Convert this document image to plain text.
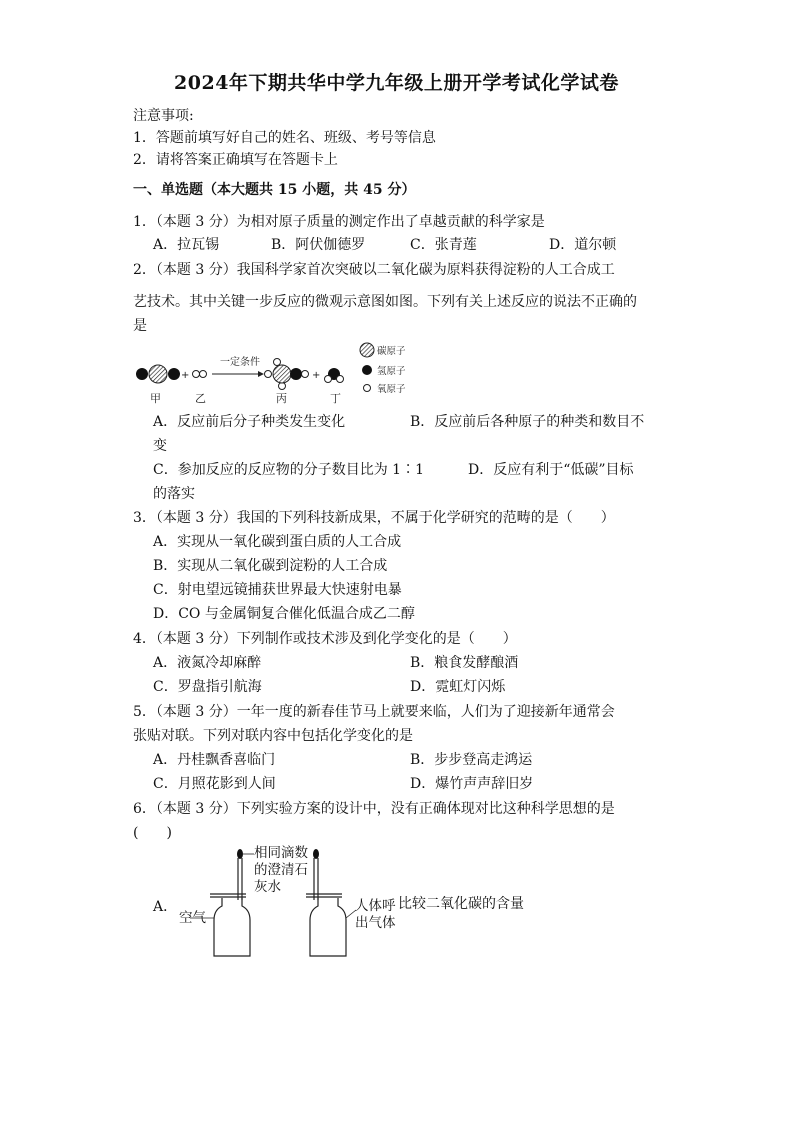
2024年下期共华中学九年级上册开学考试化学试卷
注意事项:
1．答题前填写好自己的姓名、班级、考号等信息
2．请将答案正确填写在答题卡上
一、单选题（本大题共 15 小题，共 45 分）
1．（本题 3 分）为相对原子质量的测定作出了卓越贡献的科学家是
A．拉瓦锡	B．阿伏伽德罗	C．张青莲	D．道尔顿
2．（本题 3 分）我国科学家首次突破以二氧化碳为原料获得淀粉的人工合成工
艺技术。其中关键一步反应的微观示意图如图。下列有关上述反应的说法不正确的
是
+
一定条件
+
甲	乙	丙	丁
碳原子
氢原子
氧原子
A．反应前后分子种类发生变化	B．反应前后各种原子的种类和数目不
变
C．参加反应的反应物的分子数目比为 1∶1	D．反应有利于“低碳”目标
的落实
3．（本题 3 分）我国的下列科技新成果，不属于化学研究的范畴的是（　　）
A．实现从一氧化碳到蛋白质的人工合成
B．实现从二氧化碳到淀粉的人工合成
C．射电望远镜捕获世界最大快速射电暴
D．CO 与金属铜复合催化低温合成乙二醇
4．（本题 3 分）下列制作或技术涉及到化学变化的是（　　）
A．液氮冷却麻醉	B．粮食发酵酿酒
C．罗盘指引航海	D．霓虹灯闪烁
5．（本题 3 分）一年一度的新春佳节马上就要来临，人们为了迎接新年通常会
张贴对联。下列对联内容中包括化学变化的是
A．丹桂飘香喜临门	B．步步登高走鸿运
C．月照花影到人间	D．爆竹声声辞旧岁
6．（本题 3 分）下列实验方案的设计中，没有正确体现对比这种科学思想的是
(　　)
A．
相同滴数
的澄清石
灰水
空气
人体呼
出气体
比较二氧化碳的含量
